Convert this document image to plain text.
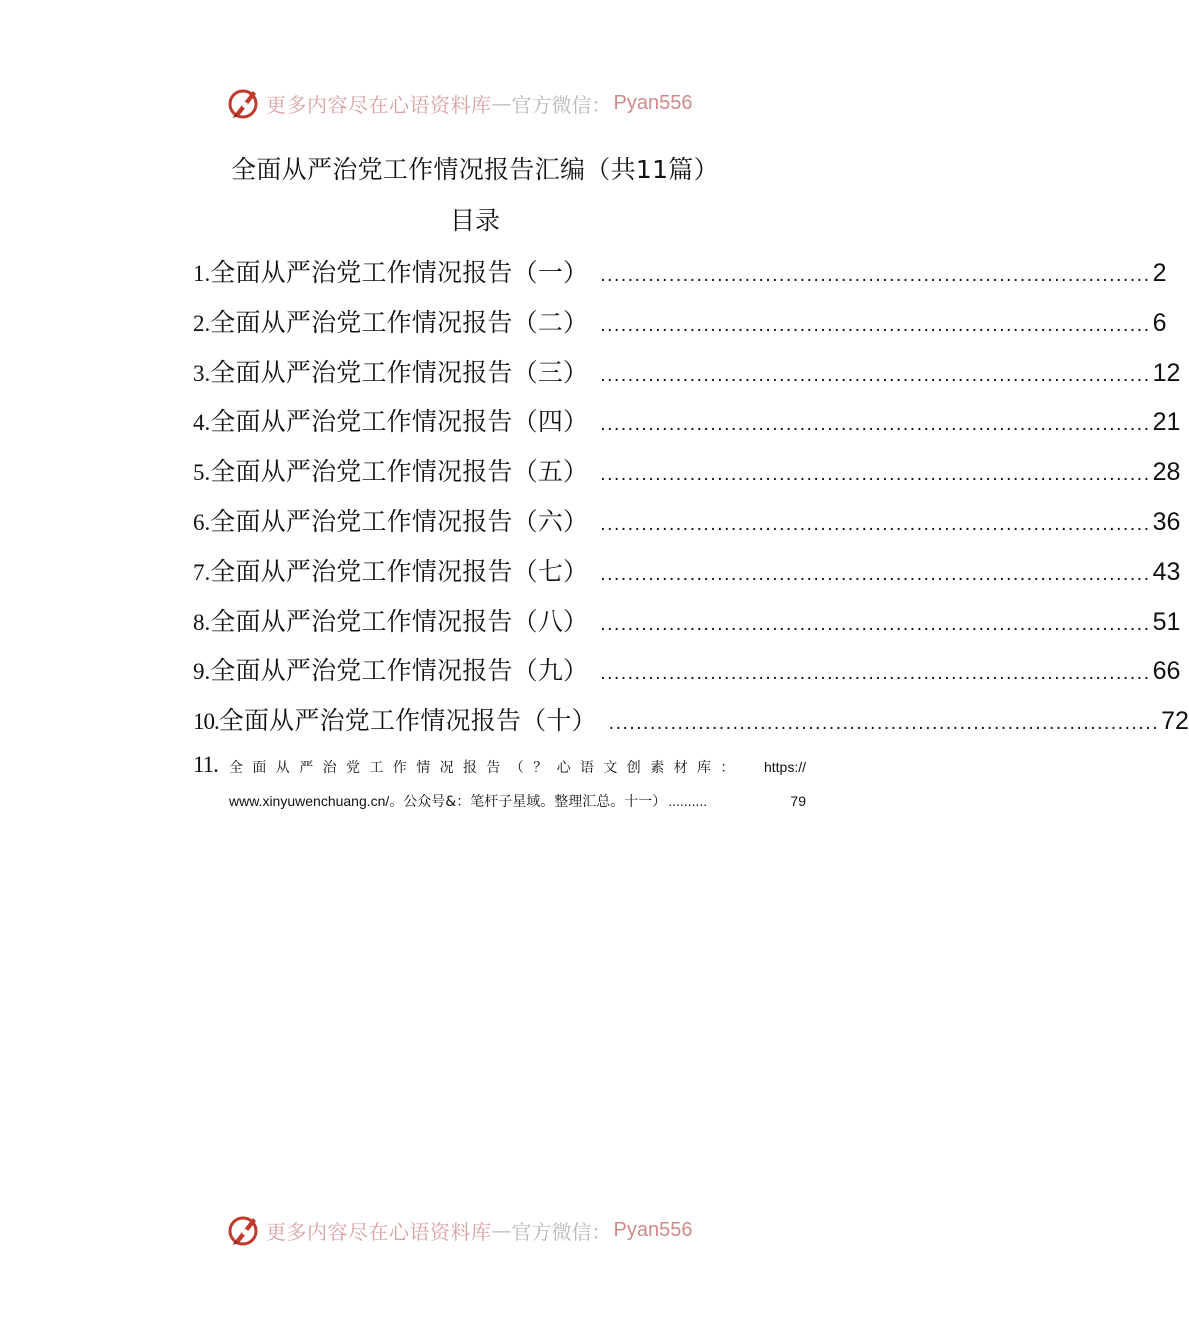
更多内容尽在心语资料库 — 官方微信： Pyan556
全面从严治党工作情况报告汇编（共11篇）
目录
1. 全面从严治党工作情况报告（一） ................................................................................ 2
2. 全面从严治党工作情况报告（二） ................................................................................ 6
3. 全面从严治党工作情况报告（三） ................................................................................ 12
4. 全面从严治党工作情况报告（四） ................................................................................ 21
5. 全面从严治党工作情况报告（五） ................................................................................ 28
6. 全面从严治党工作情况报告（六） ................................................................................ 36
7. 全面从严治党工作情况报告（七） ................................................................................ 43
8. 全面从严治党工作情况报告（八） ................................................................................ 51
9. 全面从严治党工作情况报告（九） ................................................................................ 66
10. 全面从严治党工作情况报告（十） ................................................................................ 72
11. 全面从严治党工作情况报告（？心语文创素材库：	https://
www.xinyuwenchuang.cn/ 。公众号&：笔杆子星域。整理汇总。十一） ..........	79
更多内容尽在心语资料库 — 官方微信： Pyan556
